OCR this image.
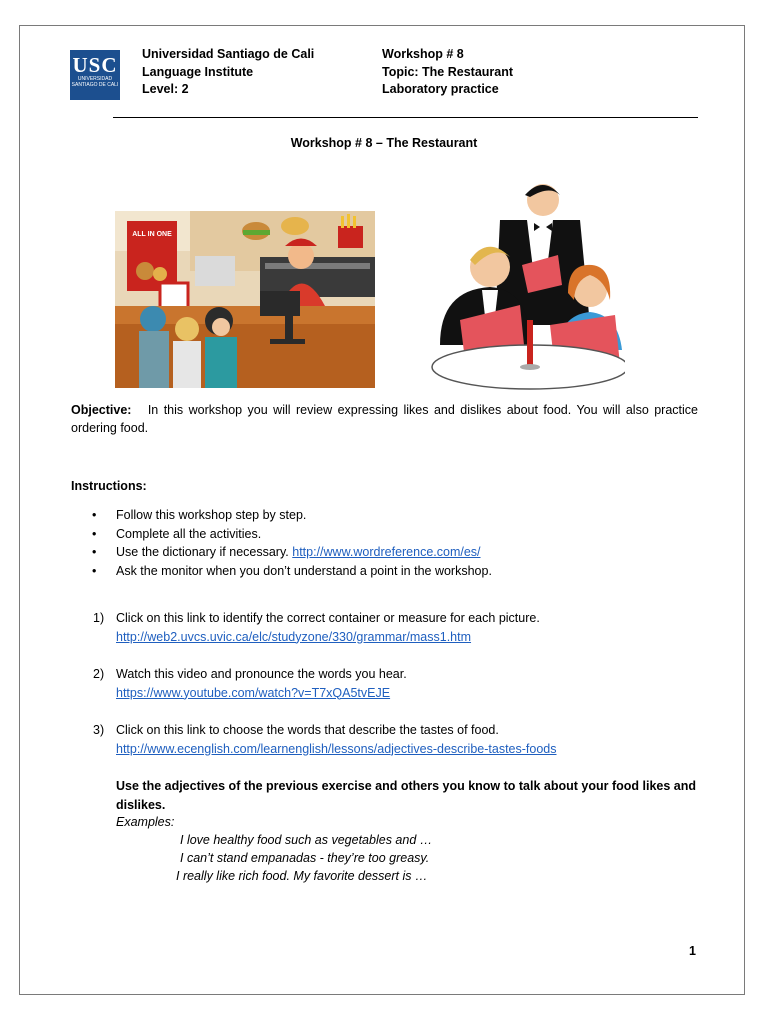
USC
UNIVERSIDAD SANTIAGO DE CALI
Universidad Santiago de Cali
Language Institute
Level: 2
Workshop # 8
Topic: The Restaurant
Laboratory practice
Workshop # 8 – The Restaurant
ALL IN ONE
Objective: In this workshop you will review expressing likes and dislikes about food. You will also practice ordering food.
Instructions:
• Follow this workshop step by step.
• Complete all the activities.
• Use the dictionary if necessary. http://www.wordreference.com/es/
• Ask the monitor when you don’t understand a point in the workshop.
1) Click on this link to identify the correct container or measure for each picture.
http://web2.uvcs.uvic.ca/elc/studyzone/330/grammar/mass1.htm
2) Watch this video and pronounce the words you hear.
https://www.youtube.com/watch?v=T7xQA5tvEJE
3) Click on this link to choose the words that describe the tastes of food.
http://www.ecenglish.com/learnenglish/lessons/adjectives-describe-tastes-foods
Use the adjectives of the previous exercise and others you know to talk about your food likes and dislikes.
Examples:
I love healthy food such as vegetables and …
I can’t stand empanadas - they’re too greasy.
I really like rich food. My favorite dessert is …
1
